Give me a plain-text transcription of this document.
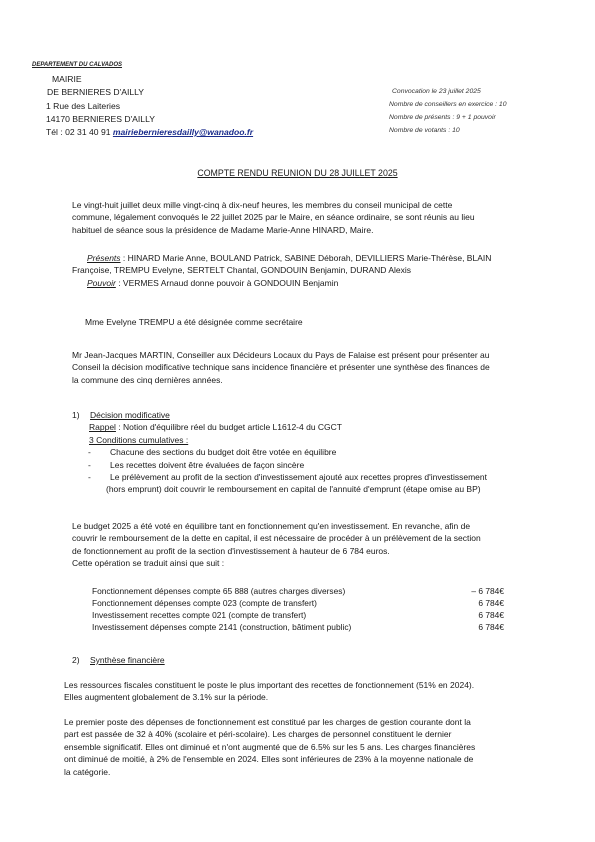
DEPARTEMENT DU CALVADOS
MAIRIE
DE BERNIERES D'AILLY
1 Rue des Laiteries
14170 BERNIERES D'AILLY
Tél : 02 31 40 91 mairiebernieresdailly@wanadoo.fr
Convocation le 23 juillet 2025
Nombre de conseillers en exercice : 10
Nombre de présents : 9 + 1 pouvoir
Nombre de votants : 10
COMPTE RENDU REUNION DU 28 JUILLET 2025
Le vingt-huit juillet deux mille vingt-cinq à dix-neuf heures, les membres du conseil municipal de cette
commune, légalement convoqués le 22 juillet 2025 par le Maire, en séance ordinaire, se sont réunis au lieu
habituel de séance sous la présidence de Madame Marie-Anne HINARD, Maire.
Présents : HINARD Marie Anne, BOULAND Patrick, SABINE Déborah, DEVILLIERS Marie-Thérèse, BLAIN
Françoise, TREMPU Evelyne, SERTELT Chantal, GONDOUIN Benjamin, DURAND Alexis
Pouvoir : VERMES Arnaud donne pouvoir à GONDOUIN Benjamin
Mme Evelyne TREMPU a été désignée comme secrétaire
Mr Jean-Jacques MARTIN, Conseiller aux Décideurs Locaux du Pays de Falaise est présent pour présenter au
Conseil la décision modificative technique sans incidence financière et présenter une synthèse des finances de
la commune des cinq dernières années.
1) Décision modificative
Rappel : Notion d'équilibre réel du budget article L1612-4 du CGCT
3 Conditions cumulatives :
- Chacune des sections du budget doit être votée en équilibre
- Les recettes doivent être évaluées de façon sincère
- Le prélèvement au profit de la section d'investissement ajouté aux recettes propres d'investissement
(hors emprunt) doit couvrir le remboursement en capital de l'annuité d'emprunt (étape omise au BP)
Le budget 2025 a été voté en équilibre tant en fonctionnement qu'en investissement. En revanche, afin de
couvrir le remboursement de la dette en capital, il est nécessaire de procéder à un prélèvement de la section
de fonctionnement au profit de la section d'investissement à hauteur de 6 784 euros.
Cette opération se traduit ainsi que suit :
Fonctionnement dépenses compte 65 888 (autres charges diverses)	– 6 784€
Fonctionnement dépenses compte 023 (compte de transfert)	6 784€
Investissement recettes compte 021 (compte de transfert)	6 784€
Investissement dépenses compte 2141 (construction, bâtiment public)	6 784€
2) Synthèse financière
Les ressources fiscales constituent le poste le plus important des recettes de fonctionnement (51% en 2024).
Elles augmentent globalement de 3.1% sur la période.
Le premier poste des dépenses de fonctionnement est constitué par les charges de gestion courante dont la
part est passée de 32 à 40% (scolaire et péri-scolaire). Les charges de personnel constituent le dernier
ensemble significatif. Elles ont diminué et n'ont augmenté que de 6.5% sur les 5 ans. Les charges financières
ont diminué de moitié, à 2% de l'ensemble en 2024. Elles sont inférieures de 23% à la moyenne nationale de
la catégorie.
